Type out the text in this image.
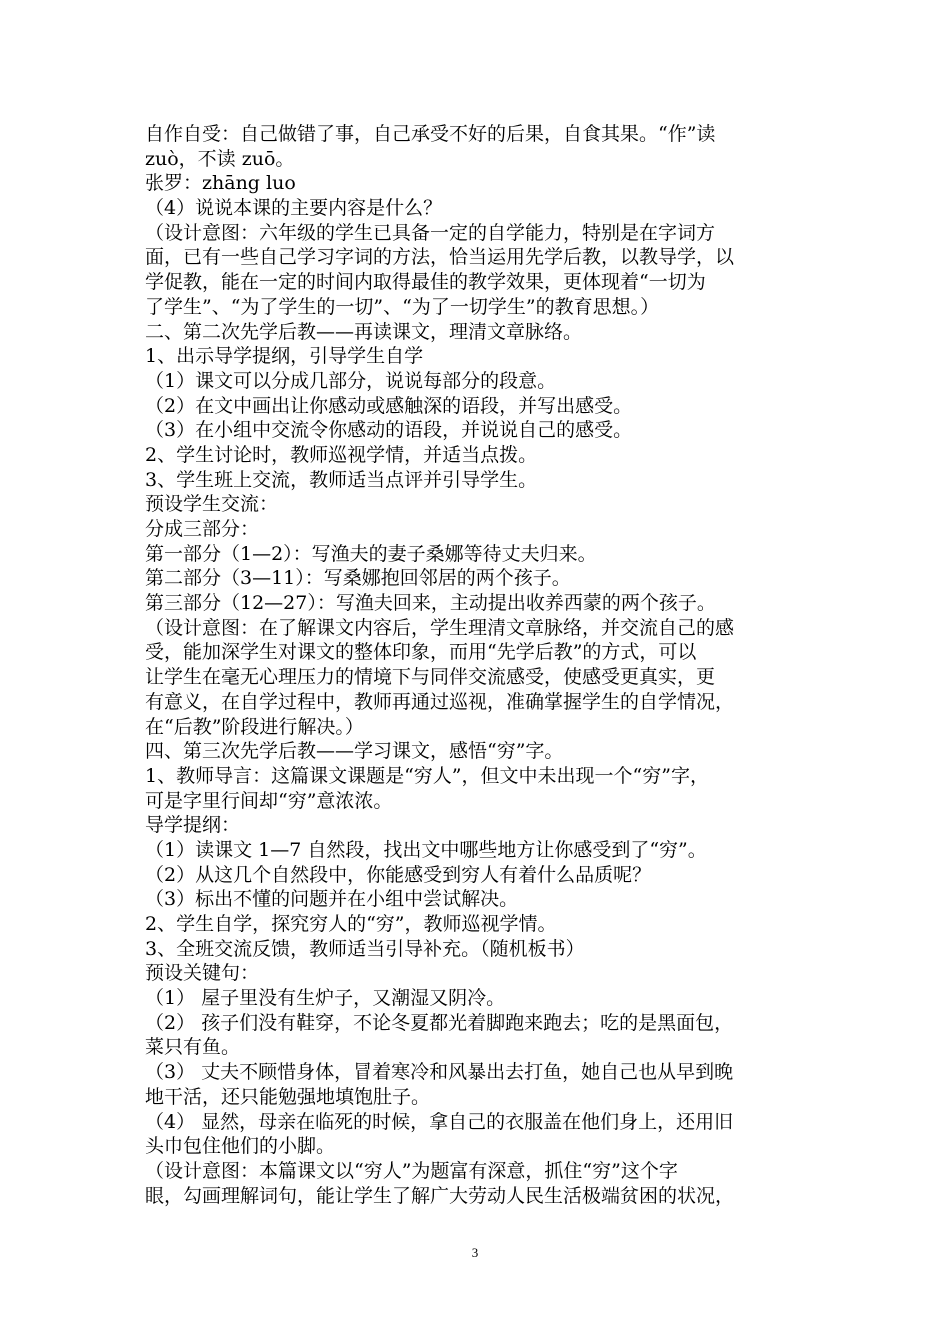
自作自受：自己做错了事，自己承受不好的后果，自食其果。“作”读
zuò，不读 zuō。
张罗：zhāng luo
（4）说说本课的主要内容是什么？
（设计意图：六年级的学生已具备一定的自学能力，特别是在字词方
面，已有一些自己学习字词的方法，恰当运用先学后教，以教导学，以
学促教，能在一定的时间内取得最佳的教学效果，更体现着“一切为
了学生”、“为了学生的一切”、“为了一切学生”的教育思想。）
二、第二次先学后教——再读课文，理清文章脉络。
1、出示导学提纲，引导学生自学
（1）课文可以分成几部分，说说每部分的段意。
（2）在文中画出让你感动或感触深的语段，并写出感受。
（3）在小组中交流令你感动的语段，并说说自己的感受。
2、学生讨论时，教师巡视学情，并适当点拨。
3、学生班上交流，教师适当点评并引导学生。
预设学生交流：
分成三部分：
第一部分（1—2）：写渔夫的妻子桑娜等待丈夫归来。
第二部分（3—11）：写桑娜抱回邻居的两个孩子。
第三部分（12—27）：写渔夫回来，主动提出收养西蒙的两个孩子。
（设计意图：在了解课文内容后，学生理清文章脉络，并交流自己的感
受，能加深学生对课文的整体印象，而用“先学后教”的方式，可以
让学生在毫无心理压力的情境下与同伴交流感受，使感受更真实，更
有意义，在自学过程中，教师再通过巡视，准确掌握学生的自学情况，
在“后教”阶段进行解决。）
四、第三次先学后教——学习课文，感悟“穷”字。
1、教师导言：这篇课文课题是“穷人”，但文中未出现一个“穷”字，
可是字里行间却“穷”意浓浓。
导学提纲：
（1）读课文 1—7 自然段，找出文中哪些地方让你感受到了“穷”。
（2）从这几个自然段中，你能感受到穷人有着什么品质呢？
（3）标出不懂的问题并在小组中尝试解决。
2、学生自学，探究穷人的“穷”，教师巡视学情。
3、全班交流反馈，教师适当引导补充。（随机板书）
预设关键句：
（1） 屋子里没有生炉子，又潮湿又阴冷。
（2） 孩子们没有鞋穿，不论冬夏都光着脚跑来跑去；吃的是黑面包，
菜只有鱼。
（3） 丈夫不顾惜身体，冒着寒冷和风暴出去打鱼，她自己也从早到晚
地干活，还只能勉强地填饱肚子。
（4） 显然，母亲在临死的时候，拿自己的衣服盖在他们身上，还用旧
头巾包住他们的小脚。
（设计意图：本篇课文以“穷人”为题富有深意，抓住“穷”这个字
眼，勾画理解词句，能让学生了解广大劳动人民生活极端贫困的状况，
3
